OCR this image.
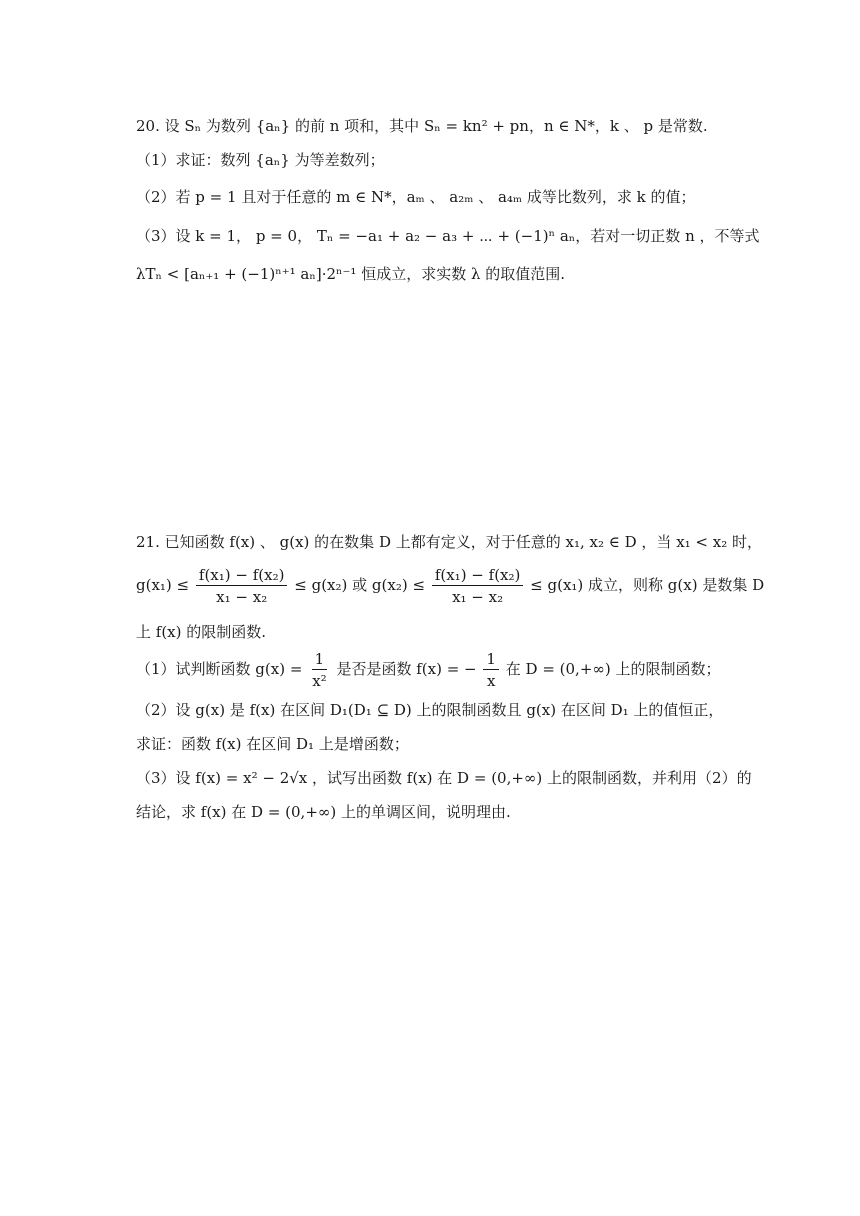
20. 设 Sₙ 为数列 {aₙ} 的前 n 项和，其中 Sₙ = kn² + pn，n ∈ N*，k 、 p 是常数.
（1）求证：数列 {aₙ} 为等差数列；
（2）若 p = 1 且对于任意的 m ∈ N*，aₘ 、 a₂ₘ 、 a₄ₘ 成等比数列，求 k 的值；
（3）设 k = 1， p = 0， Tₙ = −a₁ + a₂ − a₃ + ⋯ + (−1)ⁿ aₙ，若对一切正数 n ，不等式
λTₙ < [aₙ₊₁ + (−1)ⁿ⁺¹ aₙ]·2ⁿ⁻¹ 恒成立，求实数 λ 的取值范围.
21. 已知函数 f(x) 、 g(x) 的在数集 D 上都有定义，对于任意的 x₁, x₂ ∈ D ，当 x₁ < x₂ 时，
$g(x_1) \le \frac{\text{f(x₁) − f(x₂)}}{\text{x₁ − x₂}} \le g(x_2)$ 或 $g(x_2) \le \frac{\text{f(x₁) − f(x₂)}}{\text{x₁ − x₂}} \le g(x_1)$ 成立，则称 g(x) 是数集 D
上 f(x) 的限制函数.
（1）试判断函数 $g(x) = \frac{1}{\text{x²}}$ 是否是函数 f(x) = − $\frac{1}{x}$ 在 D = (0,+∞) 上的限制函数；
（2）设 g(x) 是 f(x) 在区间 D₁(D₁ ⊆ D) 上的限制函数且 g(x) 在区间 D₁ 上的值恒正，
求证：函数 f(x) 在区间 D₁ 上是增函数；
（3）设 f(x) = x² − 2√x ，试写出函数 f(x) 在 D = (0,+∞) 上的限制函数，并利用（2）的
结论，求 f(x) 在 D = (0,+∞) 上的单调区间，说明理由.
